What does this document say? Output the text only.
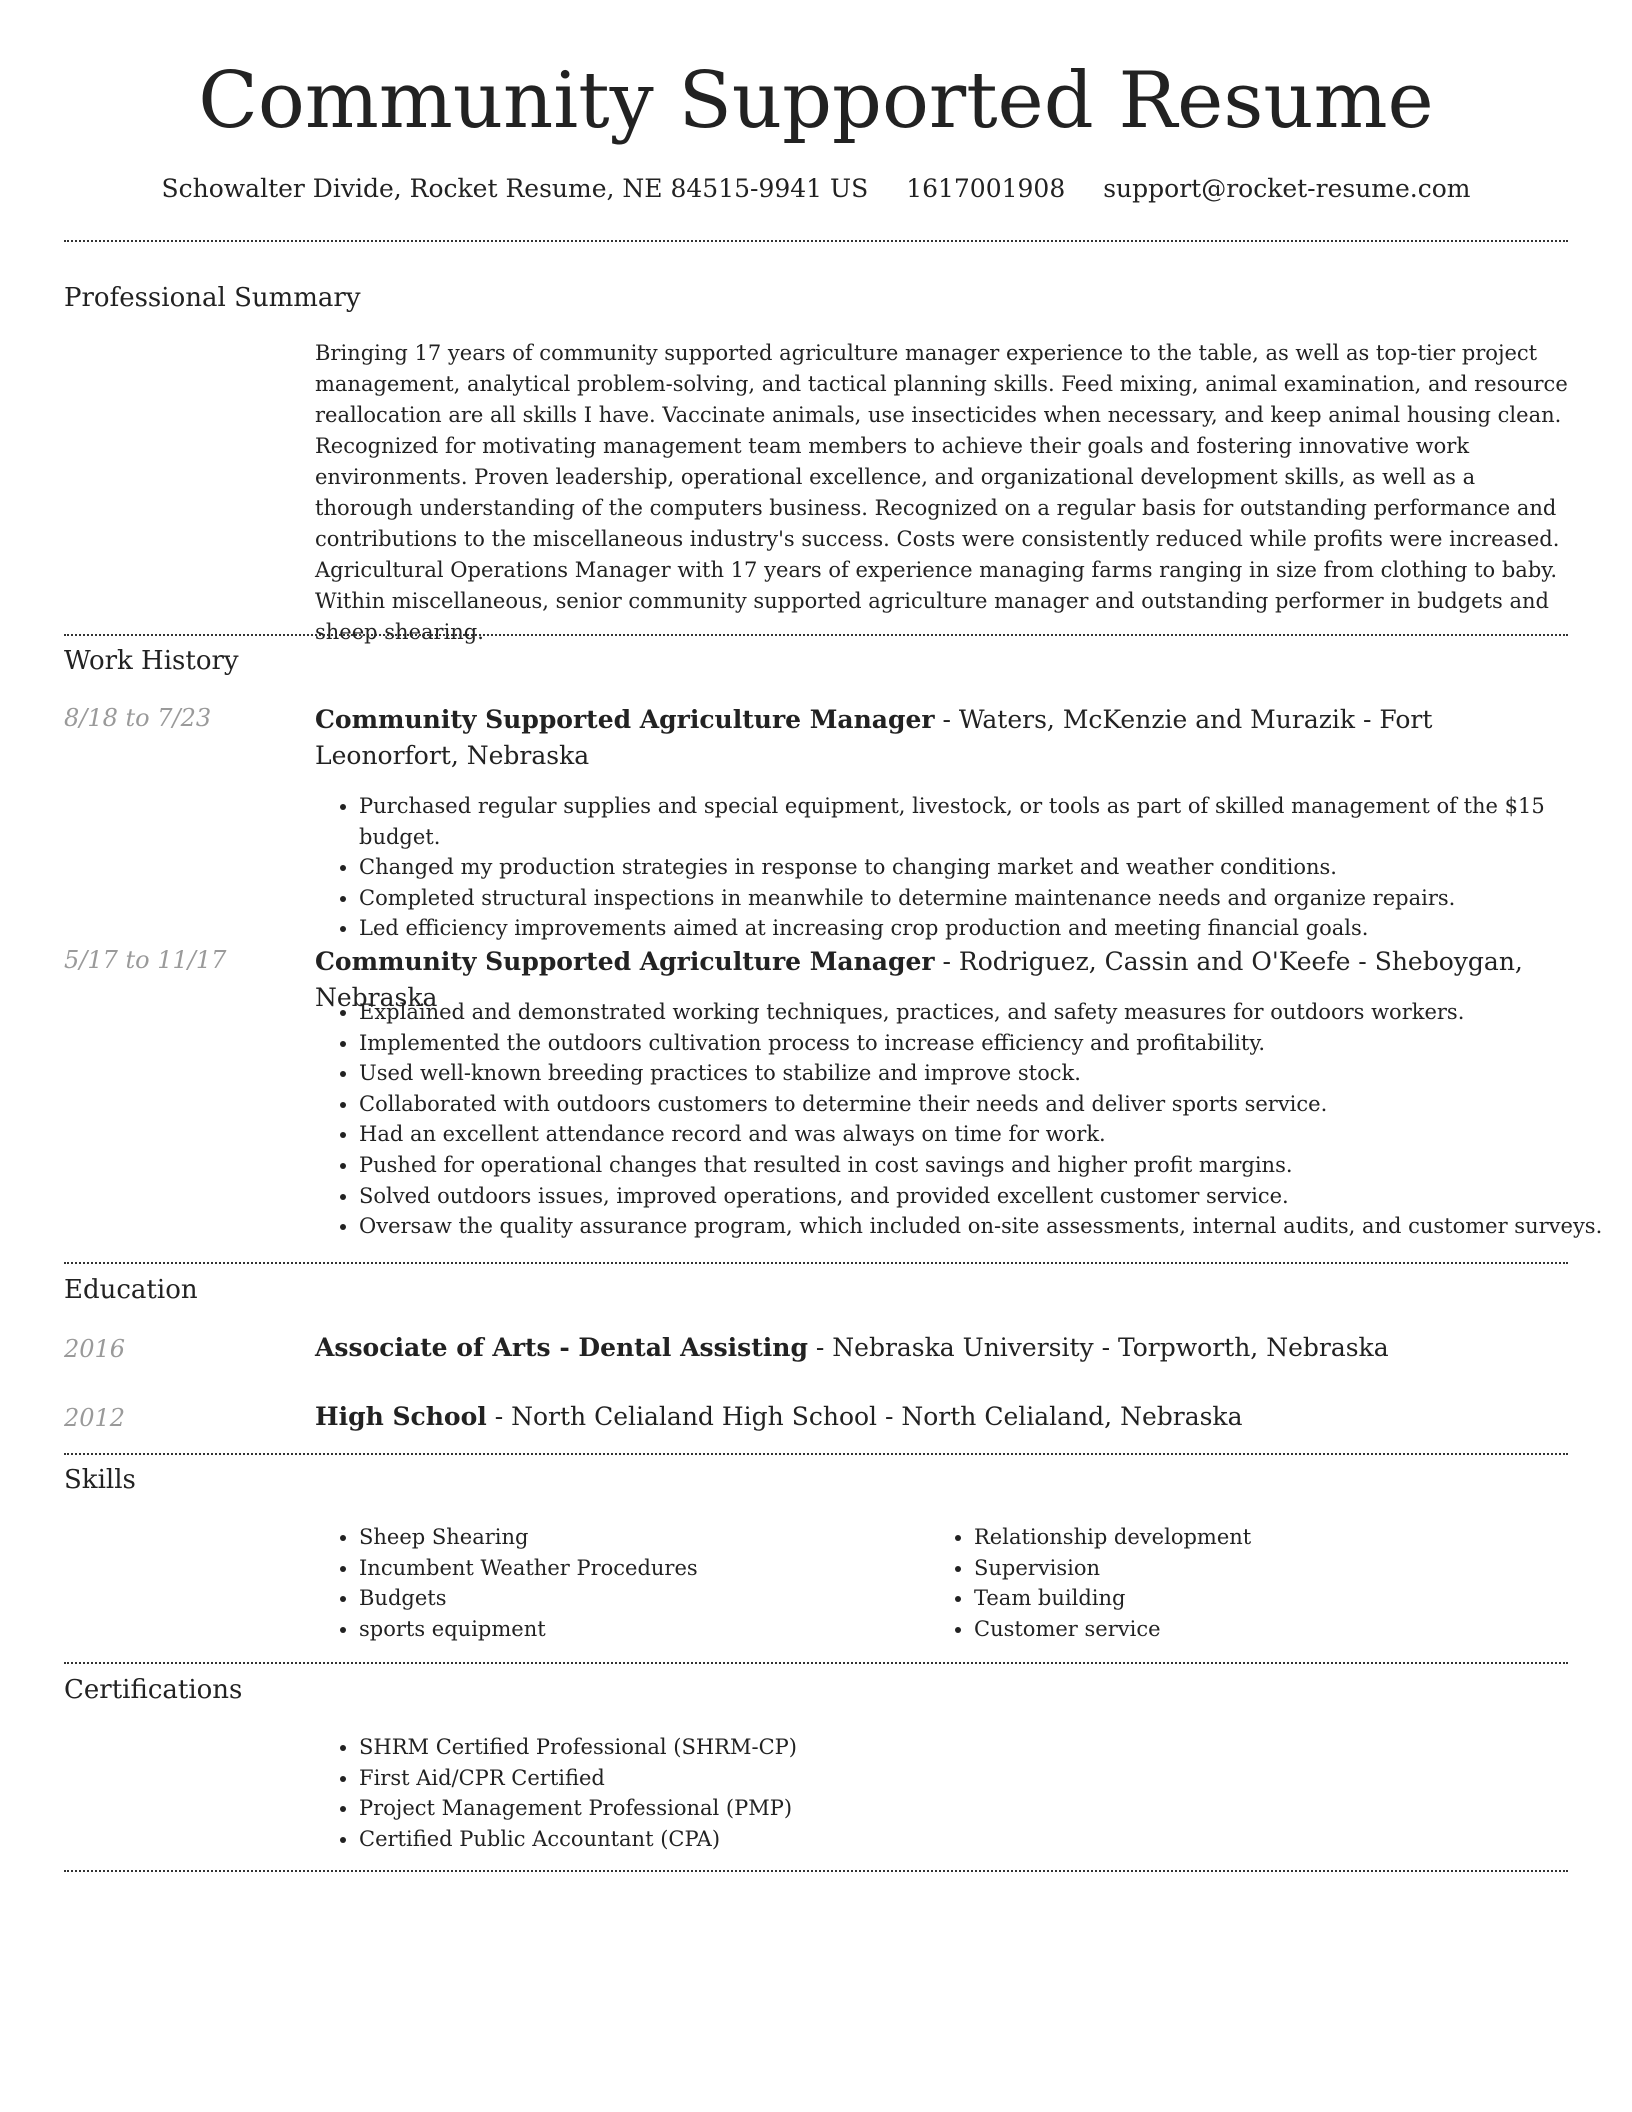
Community Supported Resume
Schowalter Divide, Rocket Resume, NE 84515-9941 US 1617001908 support@rocket-resume.com
Professional Summary
Bringing 17 years of community supported agriculture manager experience to the table, as well as top-tier project management, analytical problem-solving, and tactical planning skills. Feed mixing, animal examination, and resource reallocation are all skills I have. Vaccinate animals, use insecticides when necessary, and keep animal housing clean. Recognized for motivating management team members to achieve their goals and fostering innovative work environments. Proven leadership, operational excellence, and organizational development skills, as well as a thorough understanding of the computers business. Recognized on a regular basis for outstanding performance and contributions to the miscellaneous industry's success. Costs were consistently reduced while profits were increased. Agricultural Operations Manager with 17 years of experience managing farms ranging in size from clothing to baby. Within miscellaneous, senior community supported agriculture manager and outstanding performer in budgets and sheep shearing.
Work History
8/18 to 7/23	Community Supported Agriculture Manager - Waters, McKenzie and Murazik - Fort Leonorfort, Nebraska
• Purchased regular supplies and special equipment, livestock, or tools as part of skilled management of the $15 budget.
• Changed my production strategies in response to changing market and weather conditions.
• Completed structural inspections in meanwhile to determine maintenance needs and organize repairs.
• Led efficiency improvements aimed at increasing crop production and meeting financial goals.
5/17 to 11/17	Community Supported Agriculture Manager - Rodriguez, Cassin and O'Keefe - Sheboygan, Nebraska
• Explained and demonstrated working techniques, practices, and safety measures for outdoors workers.
• Implemented the outdoors cultivation process to increase efficiency and profitability.
• Used well-known breeding practices to stabilize and improve stock.
• Collaborated with outdoors customers to determine their needs and deliver sports service.
• Had an excellent attendance record and was always on time for work.
• Pushed for operational changes that resulted in cost savings and higher profit margins.
• Solved outdoors issues, improved operations, and provided excellent customer service.
• Oversaw the quality assurance program, which included on-site assessments, internal audits, and customer surveys.
Education
2016	Associate of Arts - Dental Assisting - Nebraska University - Torpworth, Nebraska
2012	High School - North Celialand High School - North Celialand, Nebraska
Skills
• Sheep Shearing
• Incumbent Weather Procedures
• Budgets
• sports equipment
• Relationship development
• Supervision
• Team building
• Customer service
Certifications
• SHRM Certified Professional (SHRM-CP)
• First Aid/CPR Certified
• Project Management Professional (PMP)
• Certified Public Accountant (CPA)
